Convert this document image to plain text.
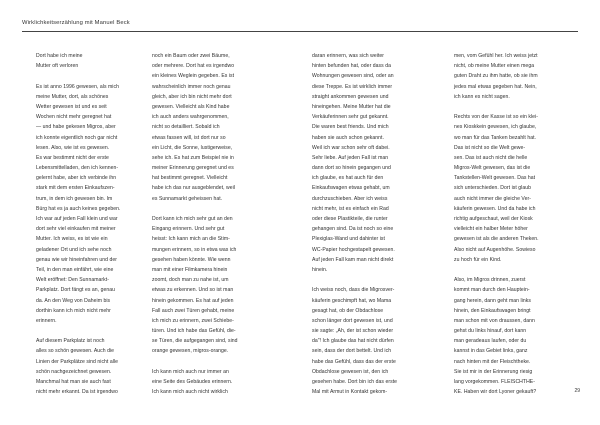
Wirklichkeitserzählung mit Manuel Beck
Dort habe ich meine
Mutter oft verloren
Es ist anno 1996 gewesen, als mich
meine Mutter, dort, als schönes
Wetter gewesen ist und es seit
Wochen nicht mehr geregnet hat
— und habe gekesen Migros, aber
ich konnte eigentlich noch gar nicht
lesen. Also, wie ist es gewesen.
Es war bestimmt nicht der erste
Lebensmittelladen, den ich kennen-
gelernt habe, aber ich verbinde ihn
stark mit dem ersten Einkaufszen-
trum, in dem ich gewesen bin. Im
Bürg hat es ja auch keines gegeben.
Ich war auf jeden Fall klein und war
dort sehr viel einkaufen mit meiner
Mutter. Ich weiss, es ist wie ein
geladener Ort und ich sehe noch
genau wie wir hineinfahren und der
Teil, in den man einfährt, wie eine
Welt eröffnet: Den Sunnamarkt-
Parkplatz. Dort fängt es an, genau
da. An den Weg von Daheim bis
dorthin kann ich mich nicht mehr
erinnern.
Auf diesem Parkplatz ist noch
alles so schön gewesen. Auch die
Linien der Parkplätze sind nicht alle
schön nachgezeichnet gewesen.
Manchmal hat man sie auch fast
nicht mehr erkannt. Da ist irgendwo
noch ein Baum oder zwei Bäume,
oder mehrere. Dort hat es irgendwo
ein kleines Weglein gegeben. Es ist
wahrscheinlich immer noch genau
gleich, aber ich bin nicht mehr dort
gewesen. Vielleicht als Kind habe
ich auch anders wahrgenommen,
nicht so detailliert. Sobald ich
etwas fassen will, ist dort nur so
ein Licht, die Sonne, lustigerweise,
sehe ich. Es hat zum Beispiel nie in
meiner Erinnerung geregnet und es
hat bestimmt geregnet. Vielleicht
habe ich das nur ausgeblendet, weil
es Sunnamarkt geheissen hat.
Dort kann ich mich sehr gut an den
Eingang erinnern. Und sehr gut
heisst: Ich kann mich an die Stim-
mungen erinnern, so in etwa was ich
gesehen haben könnte. Wie wenn
man mit einer Filmkamera hinein
zoomt, doch man zu nahe ist, um
etwas zu erkennen. Und so ist man
hinein gekommen. Es hat auf jeden
Fall auch zwei Türen gehabt, meine
ich mich zu erinnern, zwei Schiebe-
türen. Und ich habe das Gefühl, die-
se Türen, die aufgegangen sind, sind
orange gewesen, migros-orange.
Ich kann mich auch nur immer an
eine Seite des Gebäudes erinnern.
Ich kann mich auch nicht wirklich
daran erinnern, was sich weiter
hinten befunden hat, oder dass da
Wohnungen gewesen sind, oder an
diese Treppe. Es ist wirklich immer
straight ankommen gewesen und
hineingehen. Meine Mutter hat die
Verkäuferinnen sehr gut gekannt.
Die waren best friends. Und mich
haben sie auch schon gekannt.
Weil ich war schon sehr oft dabei.
Sehr liebe. Auf jeden Fall ist man
dann dort so hinein gegangen und
ich glaube, es hat auch für den
Einkaufswagen etwas gehabt, um
durchzuschieben. Aber ich weiss
nicht mehr, ist es einfach ein Rad
oder diese Plastikteile, die runter
gehangen sind. Da ist noch so eine
Plexiglas-Wand und dahinter ist
WC-Papier hochgestapelt gewesen.
Auf jeden Fall kam man nicht direkt
hinein.
Ich weiss noch, dass die Migrosver-
käuferin geschimpft hat, wo Mama
gesagt hat, ob der Obdachlose
schon länger dort gewesen ist, und
sie sagte: „Ah, der ist schon wieder
da"! Ich glaube das hat nicht dürfen
sein, dass der dort bettelt. Und ich
habe das Gefühl, dass das der erste
Obdachlose gewesen ist, den ich
gesehen habe. Dort bin ich das erste
Mal mit Armut in Kontakt gekom-
men, vom Gefühl her. Ich weiss jetzt
nicht, ob meine Mutter einen mega
guten Draht zu ihm hatte, ob sie ihm
jedes mal etwas gegeben hat. Nein,
ich kann es nicht sagen.
Rechts von der Kasse ist so ein klei-
nes Kioskkein gewesen, ich glaube,
wo man für das Tanken bezahlt hat.
Das ist nicht so die Welt gewe-
sen. Das ist auch nicht die helle
Migros-Welt gewesen, das ist die
Tankstellen-Welt gewesen. Das hat
sich unterschieden. Dort ist glaub
auch nicht immer die gleiche Ver-
käuferin gewesen. Und da habe ich
richtig aufgeschaut, weil der Kiosk
vielleicht ein halber Meter höher
gewesen ist als die anderen Theken.
Also nicht auf Augenhöhe. Sowieso
zu hoch für ein Kind.
Also, im Migros drinnen, zuerst
kommt man durch den Hauptein-
gang herein, dann geht man links
hinein, den Einkaufswagen bringt
man schon mit von draussen, dann
gehst du links hinauf, dort kann
man geradeaus laufen, oder du
kannst in das Gebiet links, ganz
nach hinten mit der Fleischtheke.
Sie ist mir in der Erinnerung riesig
lang vorgekommen. FLEISCHTHE-
KE. Haben wir dort Lyoner gekauft?	29
